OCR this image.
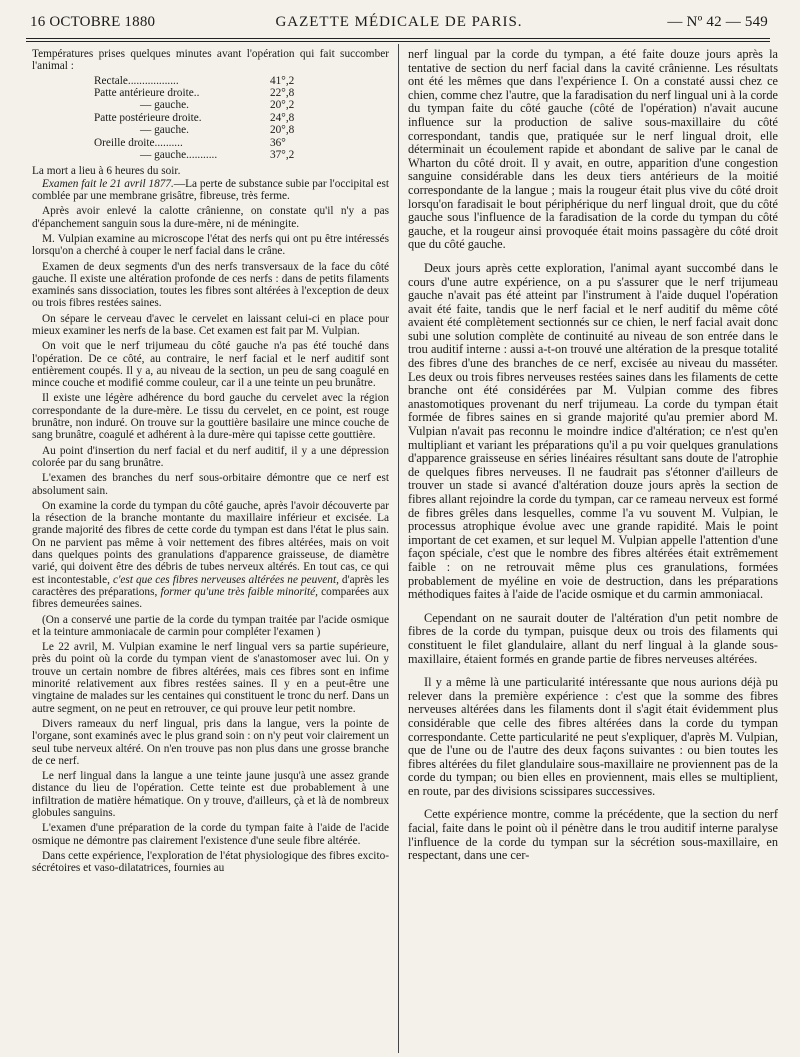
16 OCTOBRE 1880	GAZETTE MÉDICALE DE PARIS.	— Nº 42 — 549

Températures prises quelques minutes avant l'opération qui fait succomber l'animal :

Rectale..................	41°,2
Patte antérieure droite..	22°,8
— gauche.	20°,2
Patte postérieure droite.	24°,8
— gauche.	20°,8
Oreille droite..........	36°
— gauche...........	37°,2

La mort a lieu à 6 heures du soir.

Examen fait le 21 avril 1877.—La perte de substance subie par l'occipital est comblée par une membrane grisâtre, fibreuse, très ferme.

Après avoir enlevé la calotte crânienne, on constate qu'il n'y a pas d'épanchement sanguin sous la dure-mère, ni de méningite.

M. Vulpian examine au microscope l'état des nerfs qui ont pu être intéressés lorsqu'on a cherché à couper le nerf facial dans le crâne.

Examen de deux segments d'un des nerfs transversaux de la face du côté gauche. Il existe une altération profonde de ces nerfs : dans de petits filaments examinés sans dissociation, toutes les fibres sont altérées à l'exception de deux ou trois fibres restées saines.

On sépare le cerveau d'avec le cervelet en laissant celui-ci en place pour mieux examiner les nerfs de la base. Cet examen est fait par M. Vulpian.

On voit que le nerf trijumeau du côté gauche n'a pas été touché dans l'opération. De ce côté, au contraire, le nerf facial et le nerf auditif sont entièrement coupés. Il y a, au niveau de la section, un peu de sang coagulé en mince couche et modifié comme couleur, car il a une teinte un peu brunâtre.

Il existe une légère adhérence du bord gauche du cervelet avec la région correspondante de la dure-mère. Le tissu du cervelet, en ce point, est rouge brunâtre, non induré. On trouve sur la gouttière basilaire une mince couche de sang brunâtre, coagulé et adhérent à la dure-mère qui tapisse cette gouttière.

Au point d'insertion du nerf facial et du nerf auditif, il y a une dépression colorée par du sang brunâtre.

L'examen des branches du nerf sous-orbitaire démontre que ce nerf est absolument sain.

On examine la corde du tympan du côté gauche, après l'avoir découverte par la résection de la branche montante du maxillaire inférieur et excisée. La grande majorité des fibres de cette corde du tympan est dans l'état le plus sain. On ne parvient pas même à voir nettement des fibres altérées, mais on voit dans quelques points des granulations d'apparence graisseuse, de diamètre varié, qui doivent être des débris de tubes nerveux altérés. En tout cas, ce qui est incontestable, c'est que ces fibres nerveuses altérées ne peuvent, d'après les caractères des préparations, former qu'une très faible minorité, comparées aux fibres demeurées saines.

(On a conservé une partie de la corde du tympan traitée par l'acide osmique et la teinture ammoniacale de carmin pour compléter l'examen )

Le 22 avril, M. Vulpian examine le nerf lingual vers sa partie supérieure, près du point où la corde du tympan vient de s'anastomoser avec lui. On y trouve un certain nombre de fibres altérées, mais ces fibres sont en infime minorité relativement aux fibres restées saines. Il y en a peut-être une vingtaine de malades sur les centaines qui constituent le tronc du nerf. Dans un autre segment, on ne peut en retrouver, ce qui prouve leur petit nombre.

Divers rameaux du nerf lingual, pris dans la langue, vers la pointe de l'organe, sont examinés avec le plus grand soin : on n'y peut voir clairement un seul tube nerveux altéré. On n'en trouve pas non plus dans une grosse branche de ce nerf.

Le nerf lingual dans la langue a une teinte jaune jusqu'à une assez grande distance du lieu de l'opération. Cette teinte est due probablement à une infiltration de matière hématique. On y trouve, d'ailleurs, çà et là de nombreux globules sanguins.

L'examen d'une préparation de la corde du tympan faite à l'aide de l'acide osmique ne démontre pas clairement l'existence d'une seule fibre altérée.

Dans cette expérience, l'exploration de l'état physiologique des fibres excito-sécrétoires et vaso-dilatatrices, fournies au

nerf lingual par la corde du tympan, a été faite douze jours après la tentative de section du nerf facial dans la cavité crânienne. Les résultats ont été les mêmes que dans l'expérience I. On a constaté aussi chez ce chien, comme chez l'autre, que la faradisation du nerf lingual uni à la corde du tympan faite du côté gauche (côté de l'opération) n'avait aucune influence sur la production de salive sous-maxillaire du côté correspondant, tandis que, pratiquée sur le nerf lingual droit, elle déterminait un écoulement rapide et abondant de salive par le canal de Wharton du côté droit. Il y avait, en outre, apparition d'une congestion sanguine considérable dans les deux tiers antérieurs de la moitié correspondante de la langue ; mais la rougeur était plus vive du côté droit lorsqu'on faradisait le bout périphérique du nerf lingual droit, que du côté gauche sous l'influence de la faradisation de la corde du tympan du côté gauche, et la rougeur ainsi provoquée était moins passagère du côté droit que du côté gauche.

Deux jours après cette exploration, l'animal ayant succombé dans le cours d'une autre expérience, on a pu s'assurer que le nerf trijumeau gauche n'avait pas été atteint par l'instrument à l'aide duquel l'opération avait été faite, tandis que le nerf facial et le nerf auditif du même côté avaient été complètement sectionnés sur ce chien, le nerf facial avait donc subi une solution complète de continuité au niveau de son entrée dans le trou auditif interne : aussi a-t-on trouvé une altération de la presque totalité des fibres d'une des branches de ce nerf, excisée au niveau du masséter. Les deux ou trois fibres nerveuses restées saines dans les filaments de cette branche ont été considérées par M. Vulpian comme des fibres anastomotiques provenant du nerf trijumeau. La corde du tympan était formée de fibres saines en si grande majorité qu'au premier abord M. Vulpian n'avait pas reconnu le moindre indice d'altération; ce n'est qu'en multipliant et variant les préparations qu'il a pu voir quelques granulations d'apparence graisseuse en séries linéaires résultant sans doute de l'atrophie de quelques fibres nerveuses. Il ne faudrait pas s'étonner d'ailleurs de trouver un stade si avancé d'altération douze jours après la section de fibres allant rejoindre la corde du tympan, car ce rameau nerveux est formé de fibres grêles dans lesquelles, comme l'a vu souvent M. Vulpian, le processus atrophique évolue avec une grande rapidité. Mais le point important de cet examen, et sur lequel M. Vulpian appelle l'attention d'une façon spéciale, c'est que le nombre des fibres altérées était extrêmement faible : on ne retrouvait même plus ces granulations, formées probablement de myéline en voie de destruction, dans les préparations méthodiques faites à l'aide de l'acide osmique et du carmin ammoniacal.

Cependant on ne saurait douter de l'altération d'un petit nombre de fibres de la corde du tympan, puisque deux ou trois des filaments qui constituent le filet glandulaire, allant du nerf lingual à la glande sous-maxillaire, étaient formés en grande partie de fibres nerveuses altérées.

Il y a même là une particularité intéressante que nous aurions déjà pu relever dans la première expérience : c'est que la somme des fibres nerveuses altérées dans les filaments dont il s'agit était évidemment plus considérable que celle des fibres altérées dans la corde du tympan correspondante. Cette particularité ne peut s'expliquer, d'après M. Vulpian, que de l'une ou de l'autre des deux façons suivantes : ou bien toutes les fibres altérées du filet glandulaire sous-maxillaire ne proviennent pas de la corde du tympan; ou bien elles en proviennent, mais elles se multiplient, en route, par des divisions scissipares successives.

Cette expérience montre, comme la précédente, que la section du nerf facial, faite dans le point où il pénètre dans le trou auditif interne paralyse l'influence de la corde du tympan sur la sécrétion sous-maxillaire, en respectant, dans une cer-
